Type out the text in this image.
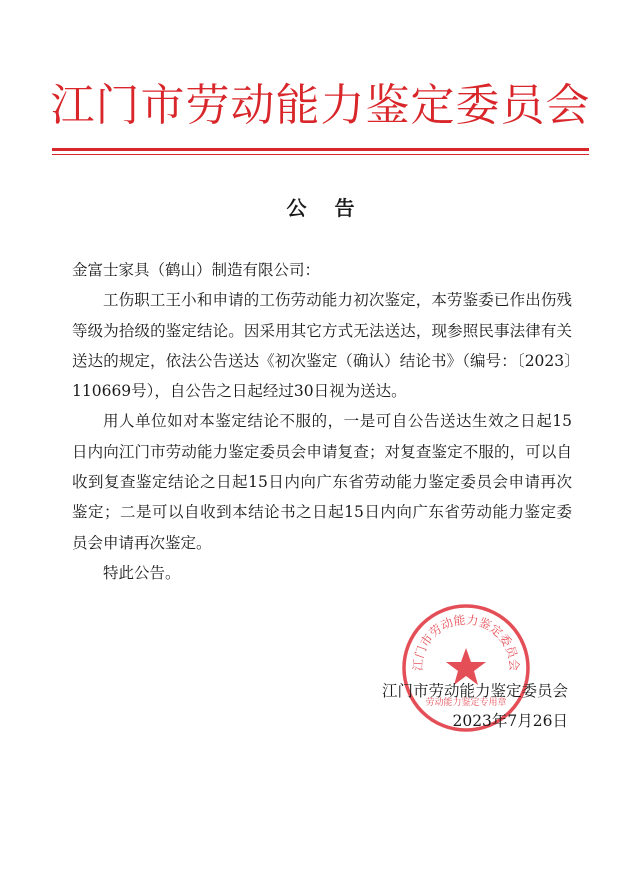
江门市劳动能力鉴定委员会
公告

金富士家具（鹤山）制造有限公司：

工伤职工王小和申请的工伤劳动能力初次鉴定，本劳鉴委已作出伤残等级为拾级的鉴定结论。因采用其它方式无法送达，现参照民事法律有关送达的规定，依法公告送达《初次鉴定（确认）结论书》（编号：〔2023〕110669号），自公告之日起经过30日视为送达。

用人单位如对本鉴定结论不服的，一是可自公告送达生效之日起15日内向江门市劳动能力鉴定委员会申请复查；对复查鉴定不服的，可以自收到复查鉴定结论之日起15日内向广东省劳动能力鉴定委员会申请再次鉴定；二是可以自收到本结论书之日起15日内向广东省劳动能力鉴定委员会申请再次鉴定。

特此公告。

江门市劳动能力鉴定委员会
劳动能力鉴定专用章
江门市劳动能力鉴定委员会
2023年7月26日
